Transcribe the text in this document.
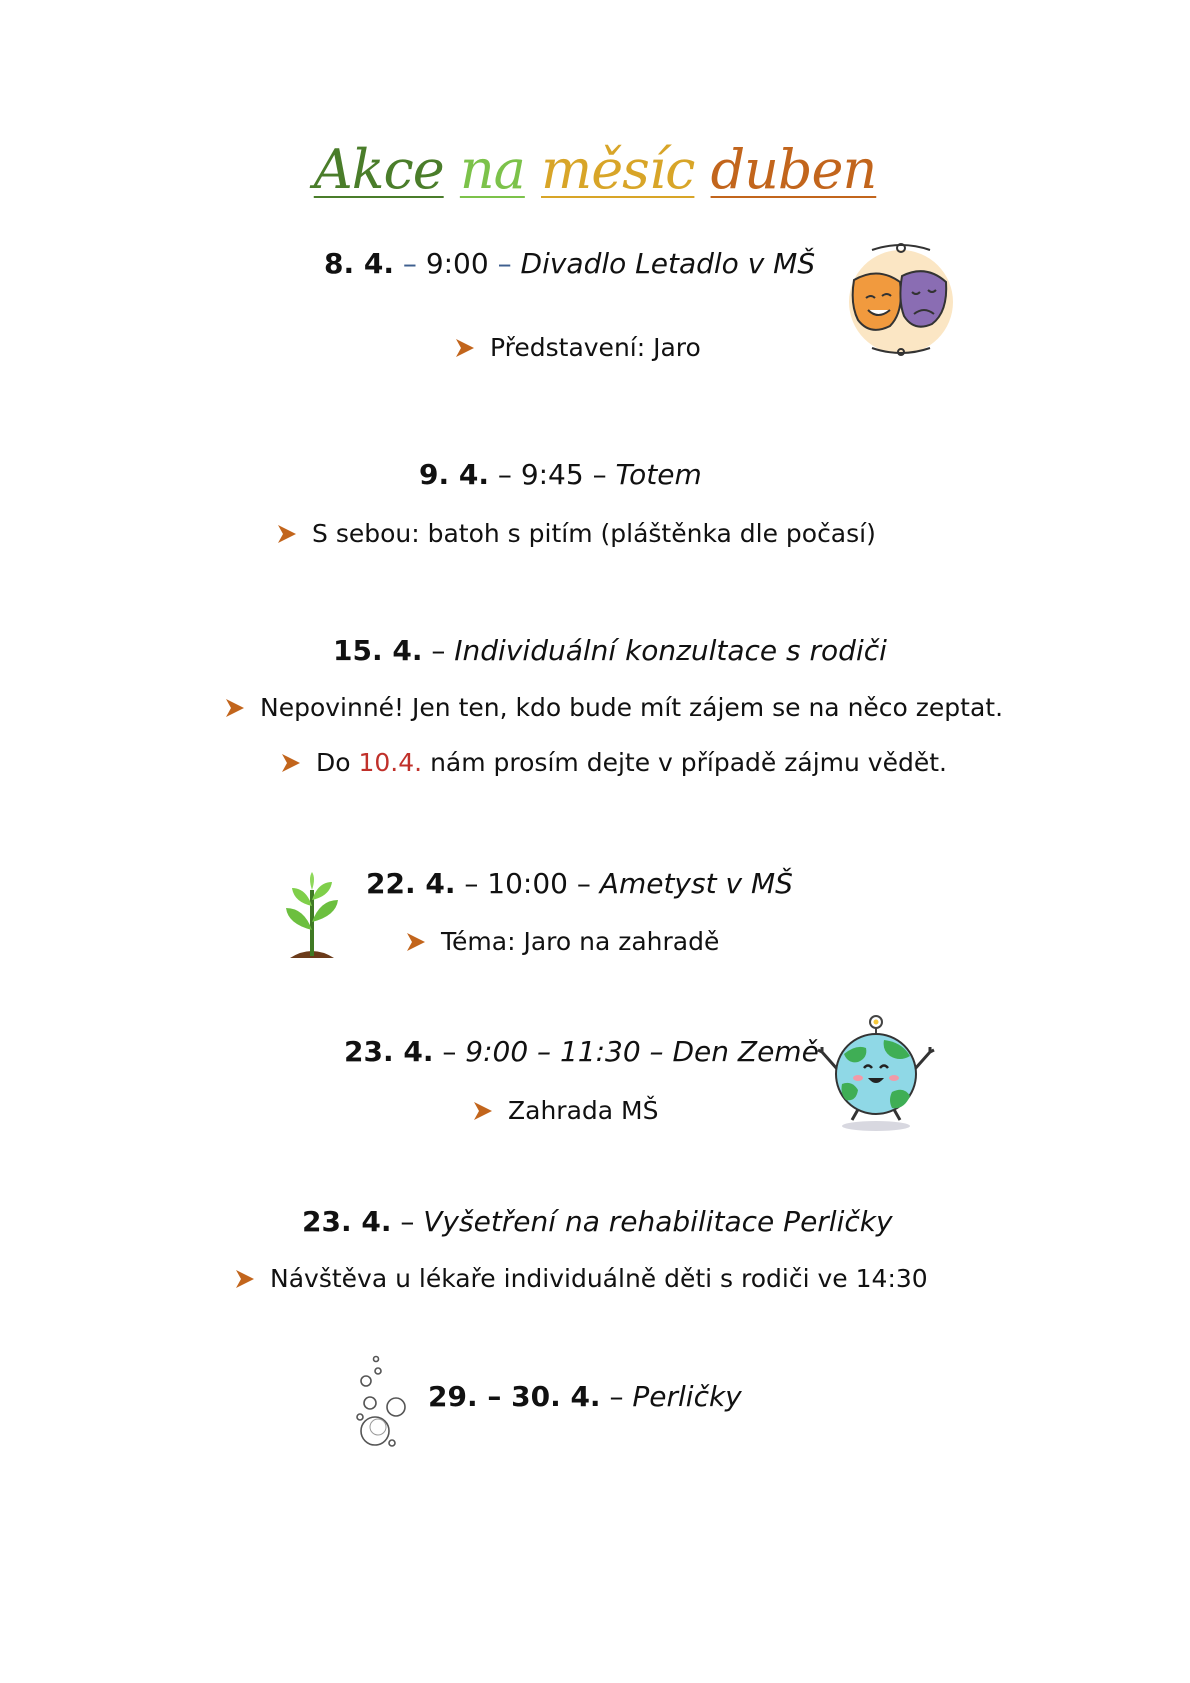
Akce na měsíc duben
8. 4. – 9:00 – Divadlo Letadlo v MŠ
Představení: Jaro
9. 4. – 9:45 – Totem
S sebou: batoh s pitím (pláštěnka dle počasí)
15. 4. – Individuální konzultace s rodiči
Nepovinné! Jen ten, kdo bude mít zájem se na něco zeptat.
Do
10.4.
nám prosím dejte v případě zájmu vědět.
22. 4. – 10:00 – Ametyst v MŠ
Téma: Jaro na zahradě
23. 4. – 9:00 – 11:30 – Den Země
Zahrada MŠ
23. 4. – Vyšetření na rehabilitace Perličky
Návštěva u lékaře individuálně děti s rodiči ve 14:30
29. – 30. 4. – Perličky
